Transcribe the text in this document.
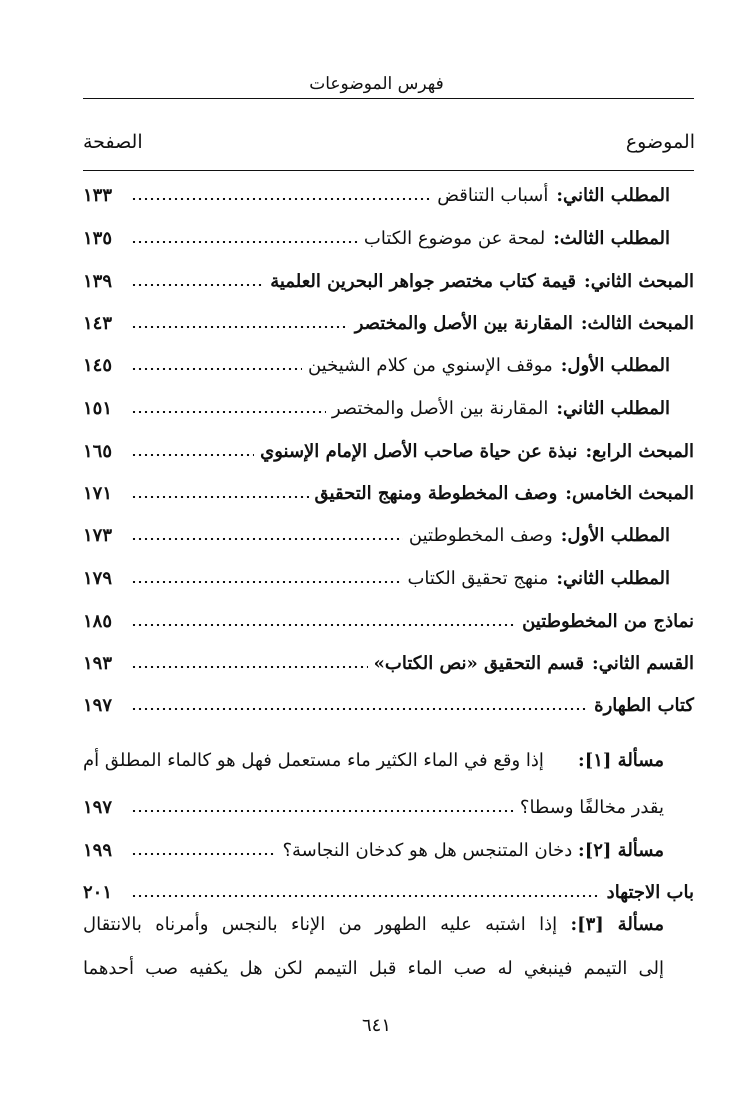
فهرس الموضوعات
الموضوع
الصفحة
المطلب الثاني:أسباب التناقض
١٣٣
المطلب الثالث:لمحة عن موضوع الكتاب
١٣٥
المبحث الثاني:قيمة كتاب مختصر جواهر البحرين العلمية
١٣٩
المبحث الثالث:المقارنة بين الأصل والمختصر
١٤٣
المطلب الأول:موقف الإسنوي من كلام الشيخين
١٤٥
المطلب الثاني:المقارنة بين الأصل والمختصر
١٥١
المبحث الرابع:نبذة عن حياة صاحب الأصل الإمام الإسنوي
١٦٥
المبحث الخامس:وصف المخطوطة ومنهج التحقيق
١٧١
المطلب الأول:وصف المخطوطتين
١٧٣
المطلب الثاني:منهج تحقيق الكتاب
١٧٩
نماذج من المخطوطتين
١٨٥
القسم الثاني:قسم التحقيق «نص الكتاب»
١٩٣
كتاب الطهارة
١٩٧
مسألة [١]:
إذا وقع في الماء الكثير ماء مستعمل فهل هو كالماء المطلق أم
يقدر مخالفًا وسطا؟
١٩٧
مسألة [٢]: دخان المتنجس هل هو كدخان النجاسة؟
١٩٩
باب الاجتهاد
٢٠١
مسألة [٣]: إذا اشتبه عليه الطهور من الإناء بالنجس وأمرناه بالانتقال
إلى التيمم فينبغي له صب الماء قبل التيمم لكن هل يكفيه صب أحدهما
٦٤١
